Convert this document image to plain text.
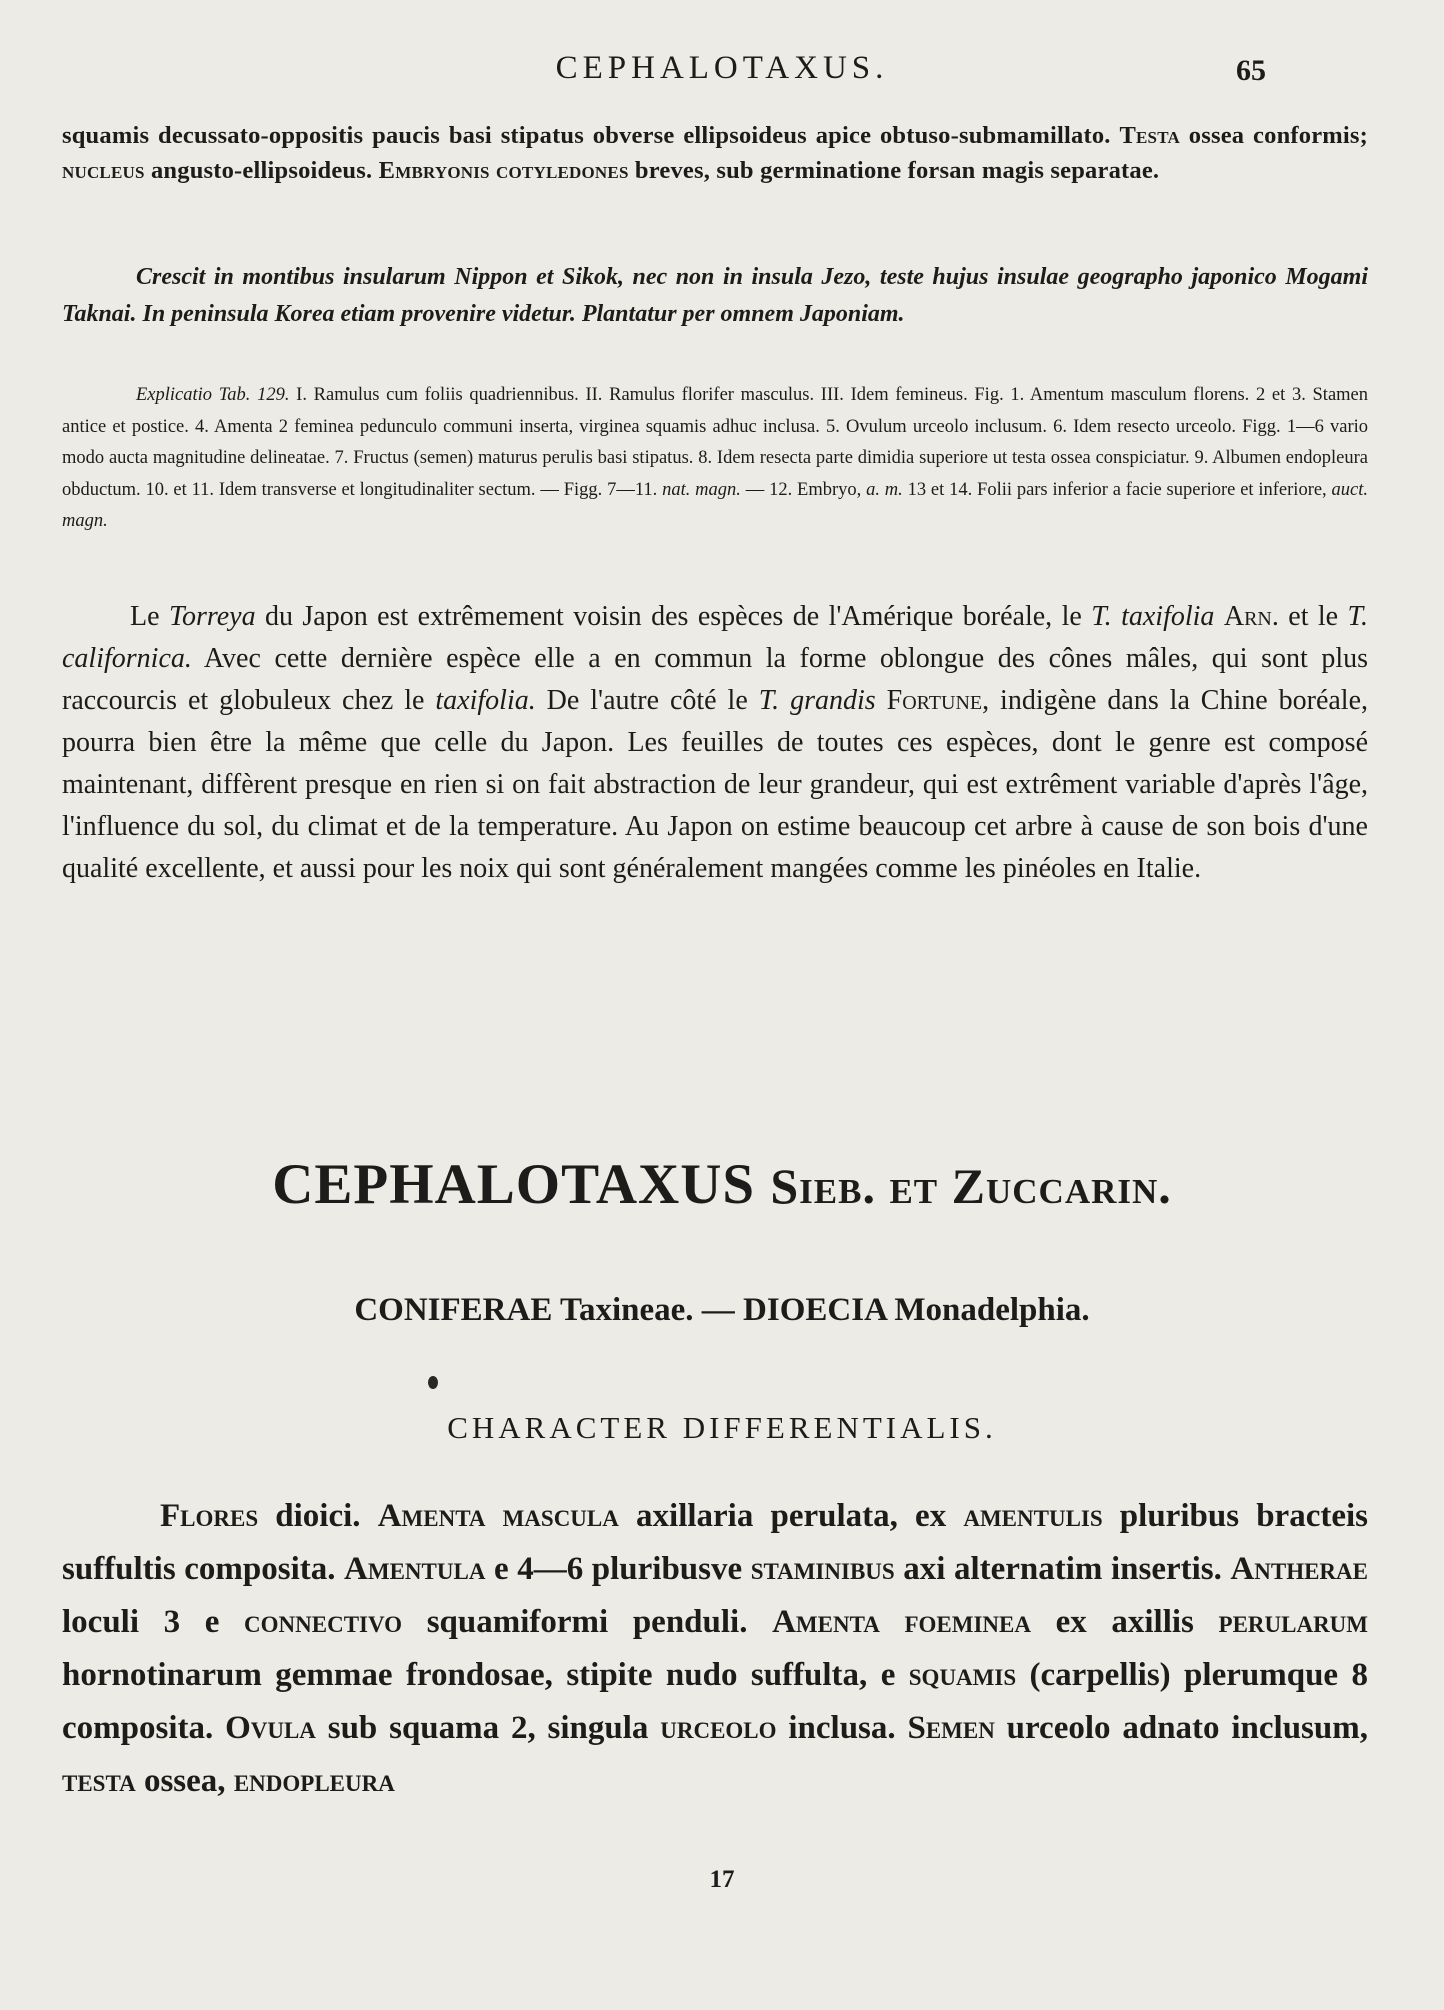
CEPHALOTAXUS.	65
squamis decussato-oppositis paucis basi stipatus obverse ellipsoideus apice obtuso-submamillato. Testa ossea conformis; nucleus angusto-ellipsoideus. Embryonis cotyledones breves, sub germinatione forsan magis separatae.
Crescit in montibus insularum Nippon et Sikok, nec non in insula Jezo, teste hujus insulae geographo japonico Mogami Taknai. In peninsula Korea etiam provenire videtur. Plantatur per omnem Japoniam.
Explicatio Tab. 129. I. Ramulus cum foliis quadriennibus. II. Ramulus florifer masculus. III. Idem femineus. Fig. 1. Amentum masculum florens. 2 et 3. Stamen antice et postice. 4. Amenta 2 feminea pedunculo communi inserta, virginea squamis adhuc inclusa. 5. Ovulum urceolo inclusum. 6. Idem resecto urceolo. Figg. 1—6 vario modo aucta magnitudine delineatae. 7. Fructus (semen) maturus perulis basi stipatus. 8. Idem resecta parte dimidia superiore ut testa ossea conspiciatur. 9. Albumen endopleura obductum. 10. et 11. Idem transverse et longitudinaliter sectum. — Figg. 7—11. nat. magn. — 12. Embryo, a. m. 13 et 14. Folii pars inferior a facie superiore et inferiore, auct. magn.
Le Torreya du Japon est extrêmement voisin des espèces de l'Amérique boréale, le T. taxifolia Arn. et le T. californica. Avec cette dernière espèce elle a en commun la forme oblongue des cônes mâles, qui sont plus raccourcis et globuleux chez le taxifolia. De l'autre côté le T. grandis Fortune, indigène dans la Chine boréale, pourra bien être la même que celle du Japon. Les feuilles de toutes ces espèces, dont le genre est composé maintenant, diffèrent presque en rien si on fait abstraction de leur grandeur, qui est extrêment variable d'après l'âge, l'influence du sol, du climat et de la temperature. Au Japon on estime beaucoup cet arbre à cause de son bois d'une qualité excellente, et aussi pour les noix qui sont généralement mangées comme les pinéoles en Italie.
CEPHALOTAXUS Sieb. et Zuccarin.
CONIFERAE Taxineae. — DIOECIA Monadelphia.
CHARACTER DIFFERENTIALIS.
Flores dioici. Amenta mascula axillaria perulata, ex amentulis pluribus bracteis suffultis composita. Amentula e 4—6 pluribusve staminibus axi alternatim insertis. Antherae loculi 3 e connectivo squamiformi penduli. Amenta foeminea ex axillis perularum hornotinarum gemmae frondosae, stipite nudo suffulta, e squamis (carpellis) plerumque 8 composita. Ovula sub squama 2, singula urceolo inclusa. Semen urceolo adnato inclusum, testa ossea, endopleura
17
